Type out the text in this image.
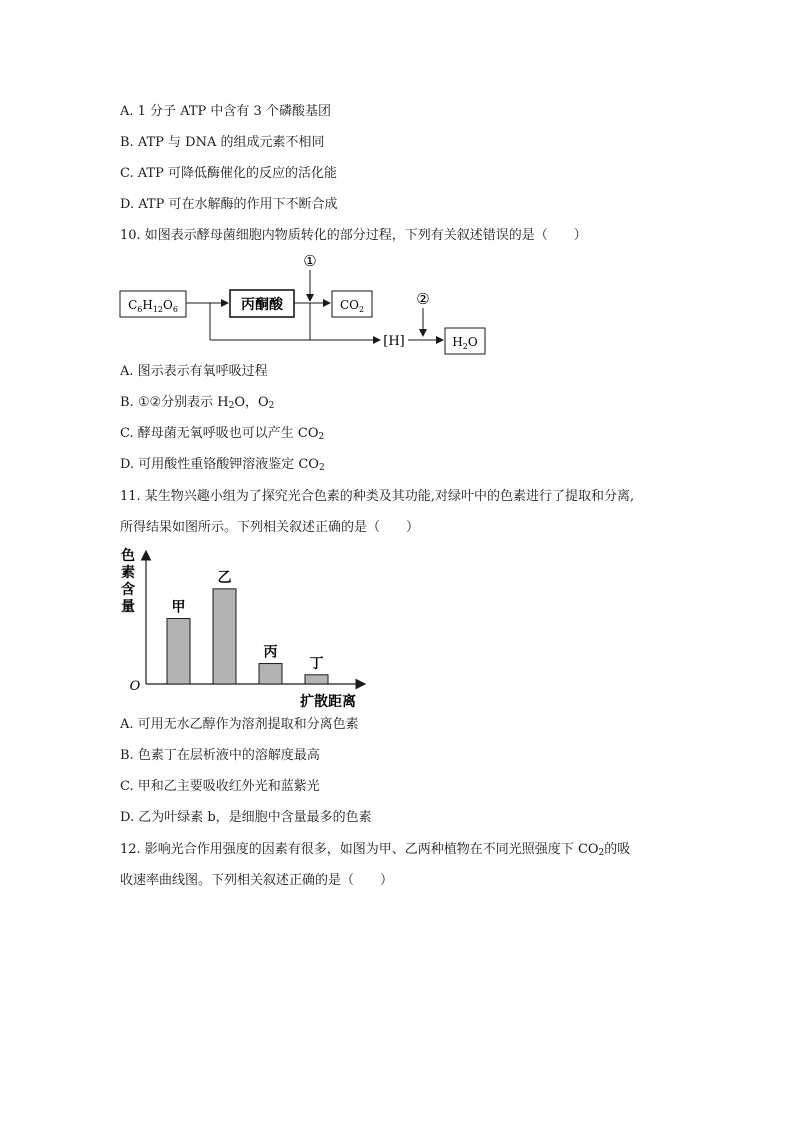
A. 1 分子 ATP 中含有 3 个磷酸基团
B. ATP 与 DNA 的组成元素不相同
C. ATP 可降低酶催化的反应的活化能
D. ATP 可在水解酶的作用下不断合成
10. 如图表示酵母菌细胞内物质转化的部分过程，下列有关叙述错误的是（　　）
$C_6H_{12}O_6$	丙酮酸	$CO_2$
①
[H]
②
$H_2O$
A. 图示表示有氧呼吸过程
B. ①②分别表示 $H_2O$，$O_2$
C. 酵母菌无氧呼吸也可以产生 $CO_2$
D. 可用酸性重铬酸钾溶液鉴定 $CO_2$
11. 某生物兴趣小组为了探究光合色素的种类及其功能,对绿叶中的色素进行了提取和分离,
所得结果如图所示。下列相关叙述正确的是（　　）
色
素
含
量
O
扩散距离
甲
乙
丙
丁
A. 可用无水乙醇作为溶剂提取和分离色素
B. 色素丁在层析液中的溶解度最高
C. 甲和乙主要吸收红外光和蓝紫光
D. 乙为叶绿素 b，是细胞中含量最多的色素
12. 影响光合作用强度的因素有很多，如图为甲、乙两种植物在不同光照强度下 $CO_2$的吸
收速率曲线图。下列相关叙述正确的是（　　）
